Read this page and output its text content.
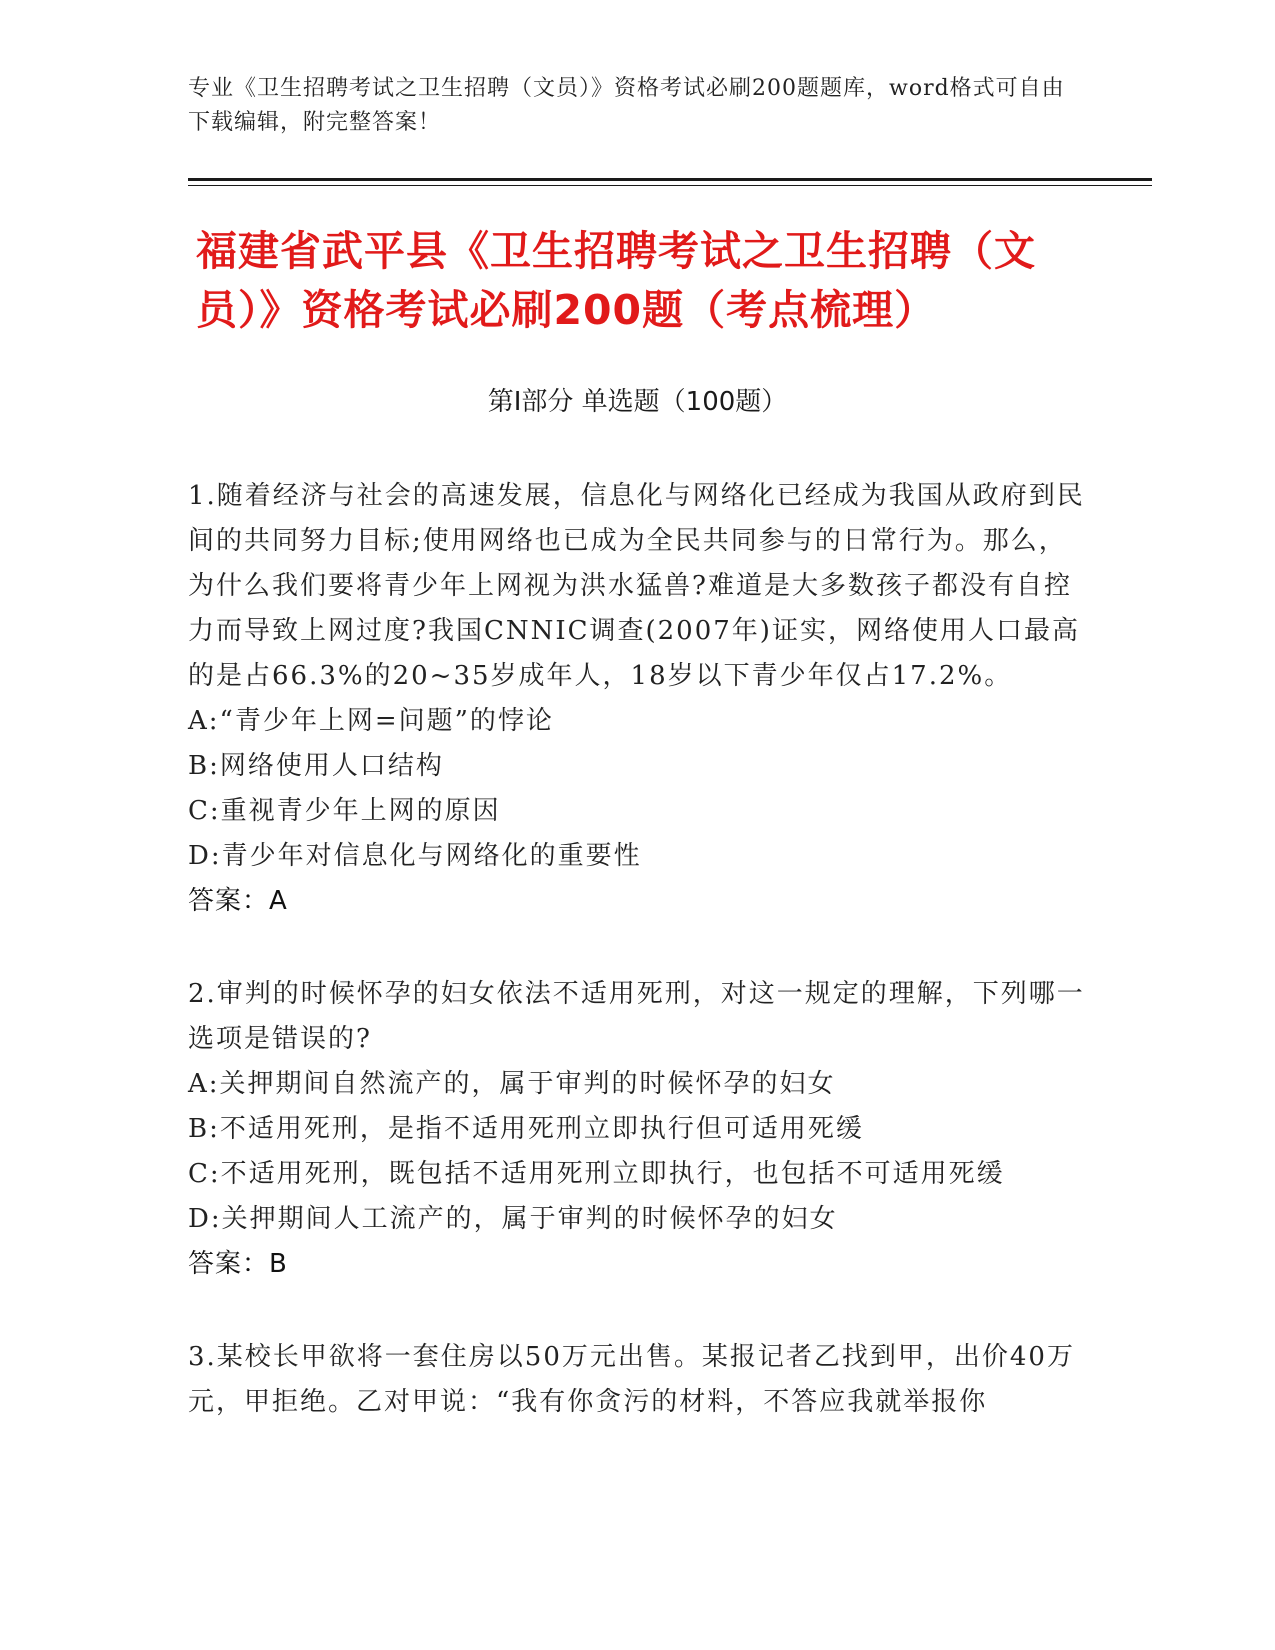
专业《卫生招聘考试之卫生招聘（文员）》资格考试必刷200题题库，word格式可自由下载编辑，附完整答案！
福建省武平县《卫生招聘考试之卫生招聘（文员）》资格考试必刷200题（考点梳理）
第Ⅰ部分 单选题（100题）
1.随着经济与社会的高速发展，信息化与网络化已经成为我国从政府到民间的共同努力目标;使用网络也已成为全民共同参与的日常行为。那么，为什么我们要将青少年上网视为洪水猛兽?难道是大多数孩子都没有自控力而导致上网过度?我国CNNIC调查(2007年)证实，网络使用人口最高的是占66.3%的20~35岁成年人，18岁以下青少年仅占17.2%。
A:“青少年上网=问题”的悖论
B:网络使用人口结构
C:重视青少年上网的原因
D:青少年对信息化与网络化的重要性
答案：A
2.审判的时候怀孕的妇女依法不适用死刑，对这一规定的理解，下列哪一选项是错误的?
A:关押期间自然流产的，属于审判的时候怀孕的妇女
B:不适用死刑，是指不适用死刑立即执行但可适用死缓
C:不适用死刑，既包括不适用死刑立即执行，也包括不可适用死缓
D:关押期间人工流产的，属于审判的时候怀孕的妇女
答案：B
3.某校长甲欲将一套住房以50万元出售。某报记者乙找到甲，出价40万元，甲拒绝。乙对甲说：“我有你贪污的材料，不答应我就举报你
